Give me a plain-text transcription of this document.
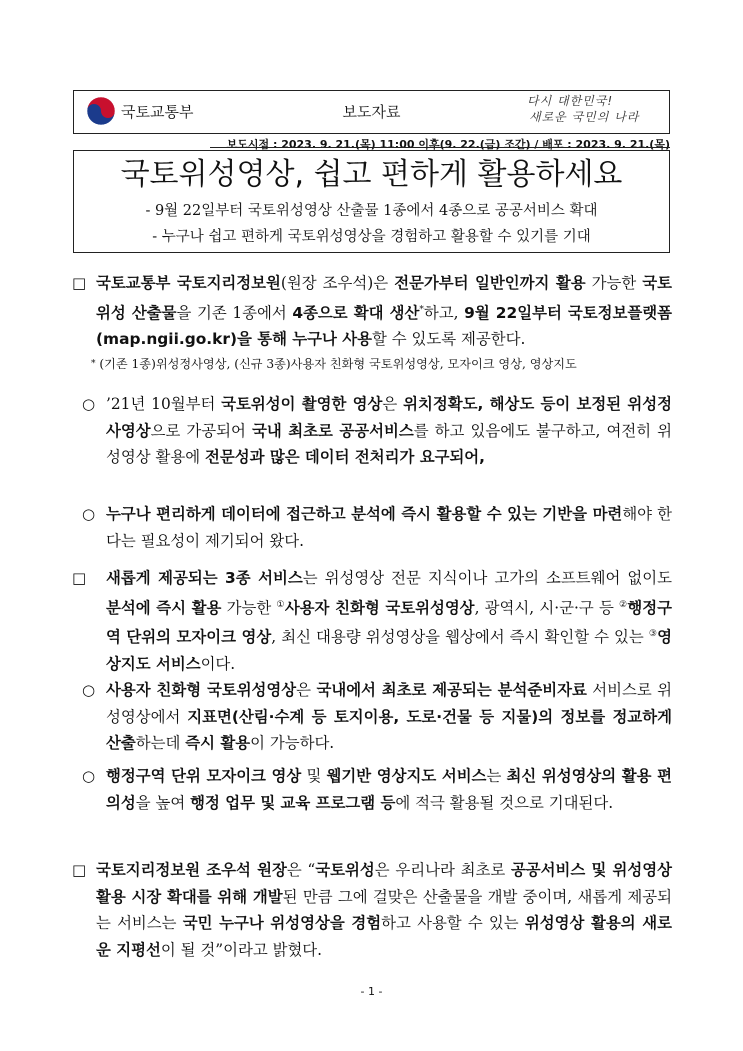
국토교통부	보도자료
다시 대한민국!
새로운 국민의 나라
보도시점 : 2023. 9. 21.(목) 11:00 이후(9. 22.(금) 조간) / 배포 : 2023. 9. 21.(목)
국토위성영상, 쉽고 편하게 활용하세요
- 9월 22일부터 국토위성영상 산출물 1종에서 4종으로 공공서비스 확대
- 누구나 쉽고 편하게 국토위성영상을 경험하고 활용할 수 있기를 기대
□ 국토교통부 국토지리정보원(원장 조우석)은 전문가부터 일반인까지 활용 가능한 국토위성 산출물을 기존 1종에서 4종으로 확대 생산*하고, 9월 22일부터 국토정보플랫폼(map.ngii.go.kr)을 통해 누구나 사용할 수 있도록 제공한다.

* (기존 1종)위성정사영상, (신규 3종)사용자 친화형 국토위성영상, 모자이크 영상, 영상지도
○ ’21년 10월부터 국토위성이 촬영한 영상은 위치정확도, 해상도 등이 보정된 위성정사영상으로 가공되어 국내 최초로 공공서비스를 하고 있음에도 불구하고, 여전히 위성영상 활용에 전문성과 많은 데이터 전처리가 요구되어,

○ 누구나 편리하게 데이터에 접근하고 분석에 즉시 활용할 수 있는 기반을 마련해야 한다는 필요성이 제기되어 왔다.

□ 새롭게 제공되는 3종 서비스는 위성영상 전문 지식이나 고가의 소프트웨어 없이도 분석에 즉시 활용 가능한 ①사용자 친화형 국토위성영상, 광역시, 시·군·구 등 ②행정구역 단위의 모자이크 영상, 최신 대용량 위성영상을 웹상에서 즉시 확인할 수 있는 ③영상지도 서비스이다.

○ 사용자 친화형 국토위성영상은 국내에서 최초로 제공되는 분석준비자료 서비스로 위성영상에서 지표면(산림·수계 등 토지이용, 도로·건물 등 지물)의 정보를 정교하게 산출하는데 즉시 활용이 가능하다.

○ 행정구역 단위 모자이크 영상 및 웹기반 영상지도 서비스는 최신 위성영상의 활용 편의성을 높여 행정 업무 및 교육 프로그램 등에 적극 활용될 것으로 기대된다.

□ 국토지리정보원 조우석 원장은 “국토위성은 우리나라 최초로 공공서비스 및 위성영상 활용 시장 확대를 위해 개발된 만큼 그에 걸맞은 산출물을 개발 중이며, 새롭게 제공되는 서비스는 국민 누구나 위성영상을 경험하고 사용할 수 있는 위성영상 활용의 새로운 지평선이 될 것”이라고 밝혔다.

- 1 -
